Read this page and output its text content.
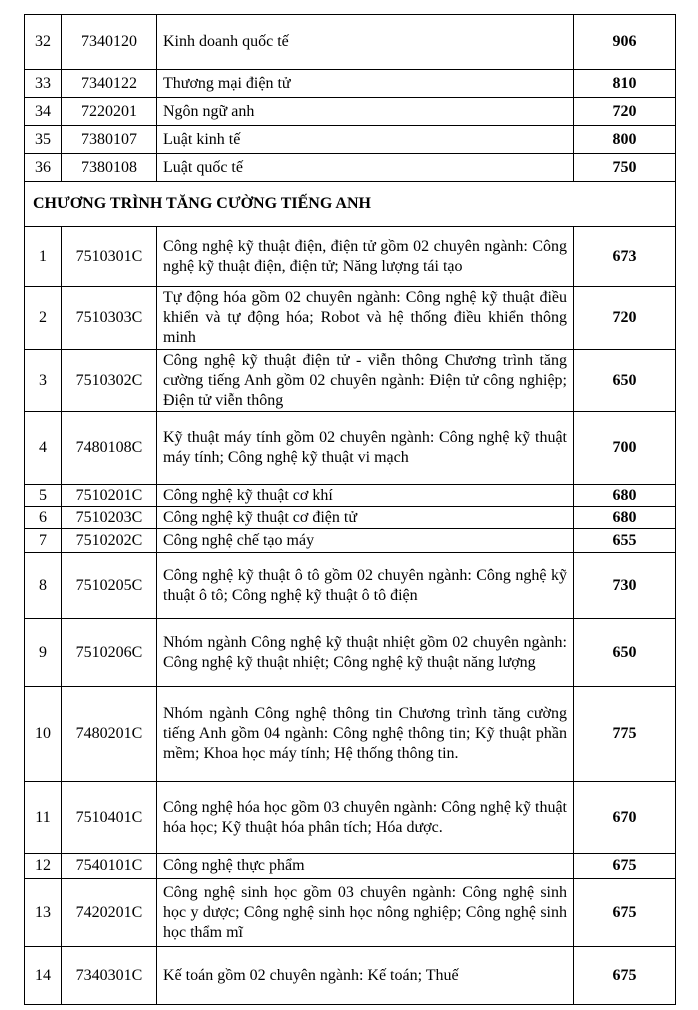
32	7340120	Kinh doanh quốc tế	906
33	7340122	Thương mại điện tử	810
34	7220201	Ngôn ngữ anh	720
35	7380107	Luật kinh tế	800
36	7380108	Luật quốc tế	750
CHƯƠNG TRÌNH TĂNG CƯỜNG TIẾNG ANH			
1	7510301C	Công nghệ kỹ thuật điện, điện tử gồm 02 chuyên ngành: Công nghệ kỹ thuật điện, điện tử; Năng lượng tái tạo	673
2	7510303C	Tự động hóa gồm 02 chuyên ngành: Công nghệ kỹ thuật điều khiển và tự động hóa; Robot và hệ thống điều khiển thông minh	720
3	7510302C	Công nghệ kỹ thuật điện tử - viễn thông Chương trình tăng cường tiếng Anh gồm 02 chuyên ngành: Điện tử công nghiệp; Điện tử viễn thông	650
4	7480108C	Kỹ thuật máy tính gồm 02 chuyên ngành: Công nghệ kỹ thuật máy tính; Công nghệ kỹ thuật vi mạch	700
5	7510201C	Công nghệ kỹ thuật cơ khí	680
6	7510203C	Công nghệ kỹ thuật cơ điện tử	680
7	7510202C	Công nghệ chế tạo máy	655
8	7510205C	Công nghệ kỹ thuật ô tô gồm 02 chuyên ngành: Công nghệ kỹ thuật ô tô; Công nghệ kỹ thuật ô tô điện	730
9	7510206C	Nhóm ngành Công nghệ kỹ thuật nhiệt gồm 02 chuyên ngành: Công nghệ kỹ thuật nhiệt; Công nghệ kỹ thuật năng lượng	650
10	7480201C	Nhóm ngành Công nghệ thông tin Chương trình tăng cường tiếng Anh gồm 04 ngành: Công nghệ thông tin; Kỹ thuật phần mềm; Khoa học máy tính; Hệ thống thông tin.	775
11	7510401C	Công nghệ hóa học gồm 03 chuyên ngành: Công nghệ kỹ thuật hóa học; Kỹ thuật hóa phân tích; Hóa dược.	670
12	7540101C	Công nghệ thực phẩm	675
13	7420201C	Công nghệ sinh học gồm 03 chuyên ngành: Công nghệ sinh học y dược; Công nghệ sinh học nông nghiệp; Công nghệ sinh học thẩm mĩ	675
14	7340301C	Kế toán gồm 02 chuyên ngành: Kế toán; Thuế	675
